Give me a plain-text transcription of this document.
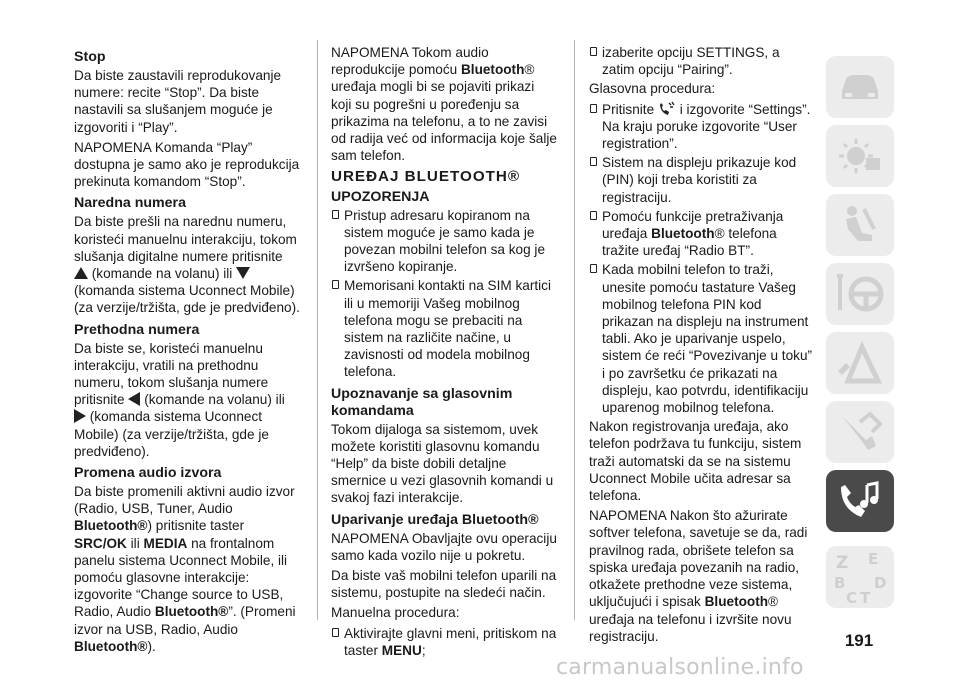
Stop

Da biste zaustavili reprodukovanje numere: recite “Stop”. Da biste nastavili sa slušanjem moguće je izgovoriti i “Play”.

NAPOMENA Komanda “Play” dostupna je samo ako je reprodukcija prekinuta komandom “Stop”.

Naredna numera

Da biste prešli na narednu numeru, koristeći manuelnu interakciju, tokom slušanja digitalne numere pritisnite
(komande na volanu) ili
(komanda sistema Uconnect Mobile) (za verzije/tržišta, gde je predviđeno).

Prethodna numera

Da biste se, koristeći manuelnu interakciju, vratili na prethodnu numeru, tokom slušanja numere pritisnite (komande na volanu) ili  (komanda sistema Uconnect Mobile) (za verzije/tržišta, gde je predviđeno).

Promena audio izvora

Da biste promenili aktivni audio izvor (Radio, USB, Tuner, Audio Bluetooth®) pritisnite taster SRC/OK ili MEDIA na frontalnom panelu sistema Uconnect Mobile, ili pomoću glasovne interakcije: izgovorite “Change source to USB, Radio, Audio Bluetooth®”. (Promeni izvor na USB, Radio, Audio Bluetooth®).

NAPOMENA Tokom audio reprodukcije pomoću Bluetooth® uređaja mogli bi se pojaviti prikazi koji su pogrešni u poređenju sa prikazima na telefonu, a to ne zavisi od radija već od informacija koje šalje sam telefon.

UREĐAJ BLUETOOTH®
UPOZORENJA

Pristup adresaru kopiranom na sistem moguće je samo kada je povezan mobilni telefon sa kog je izvršeno kopiranje.

Memorisani kontakti na SIM kartici ili u memoriji Vašeg mobilnog telefona mogu se prebaciti na sistem na različite načine, u zavisnosti od modela mobilnog telefona.

Upoznavanje sa glasovnim komandama

Tokom dijaloga sa sistemom, uvek možete koristiti glasovnu komandu “Help” da biste dobili detaljne smernice u vezi glasovnih komandi u svakoj fazi interakcije.

Uparivanje uređaja Bluetooth®

NAPOMENA Obavljajte ovu operaciju samo kada vozilo nije u pokretu.

Da biste vaš mobilni telefon uparili na sistemu, postupite na sledeći način.

Manuelna procedura:

Aktivirajte glavni meni, pritiskom na taster MENU;

izaberite opciju SETTINGS, a zatim opciju “Pairing”.

Glasovna procedura:

Pritisnite i izgovorite “Settings”. Na kraju poruke izgovorite “User registration”.

Sistem na displeju prikazuje kod (PIN) koji treba koristiti za registraciju.

Pomoću funkcije pretraživanja uređaja Bluetooth® telefona tražite uređaj “Radio BT”.

Kada mobilni telefon to traži, unesite pomoću tastature Vašeg mobilnog telefona PIN kod prikazan na displeju na instrument tabli. Ako je uparivanje uspelo, sistem će reći “Povezivanje u toku” i po završetku će prikazati na displeju, kao potvrdu, identifikaciju uparenog mobilnog telefona.

Nakon registrovanja uređaja, ako telefon podržava tu funkciju, sistem traži automatski da se na sistemu Uconnect Mobile učita adresar sa telefona.

NAPOMENA Nakon što ažurirate softver telefona, savetuje se da, radi pravilnog rada, obrišete telefon sa spiska uređaja povezanih na radio, otkažete prethodne veze sistema, uključujući i spisak Bluetooth® uređaja na telefonu i izvršite novu registraciju.

Z E
B D
C T
191
carmanualsonline.info
